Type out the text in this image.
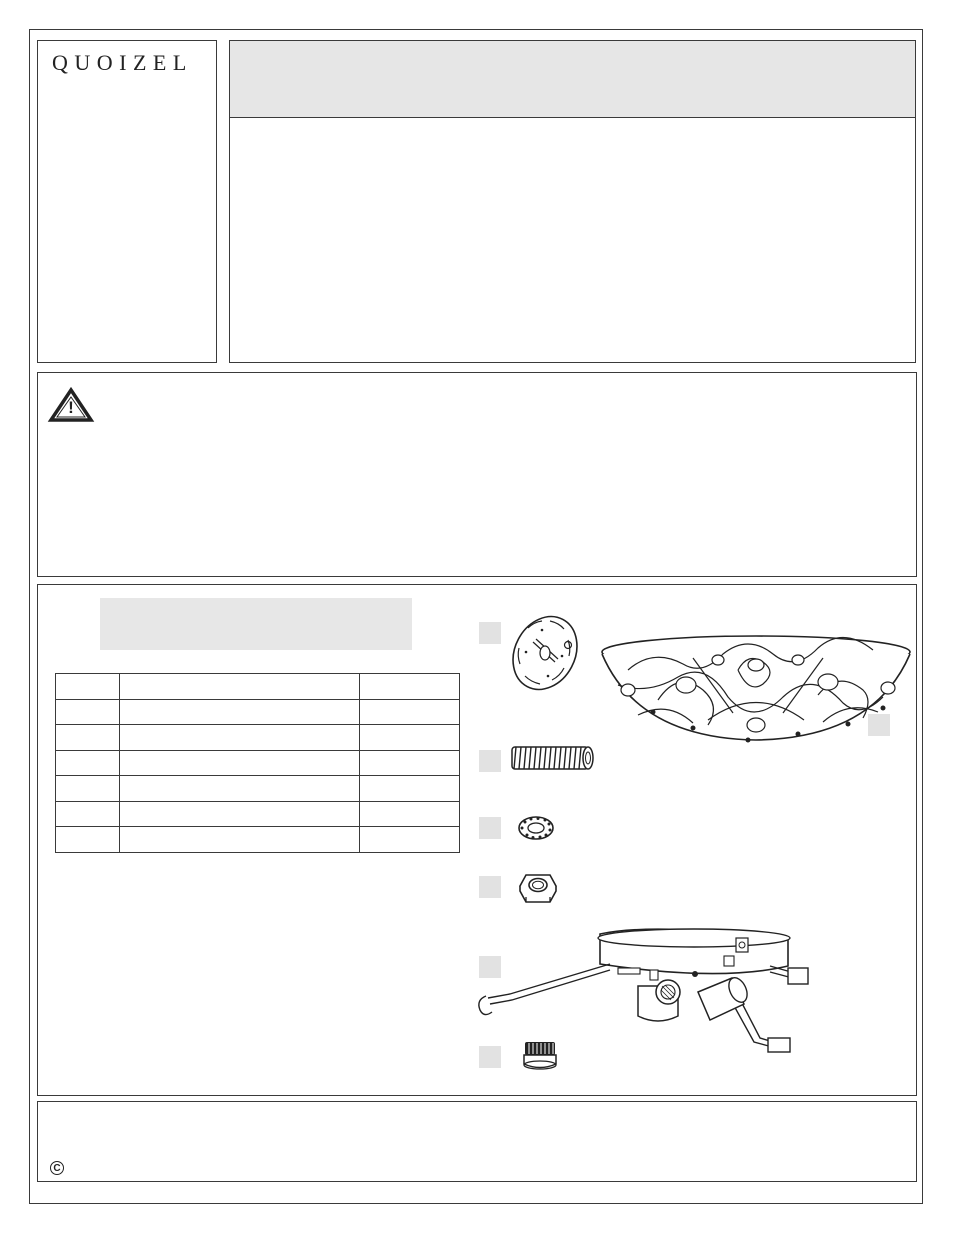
QUOIZEL
!

C
